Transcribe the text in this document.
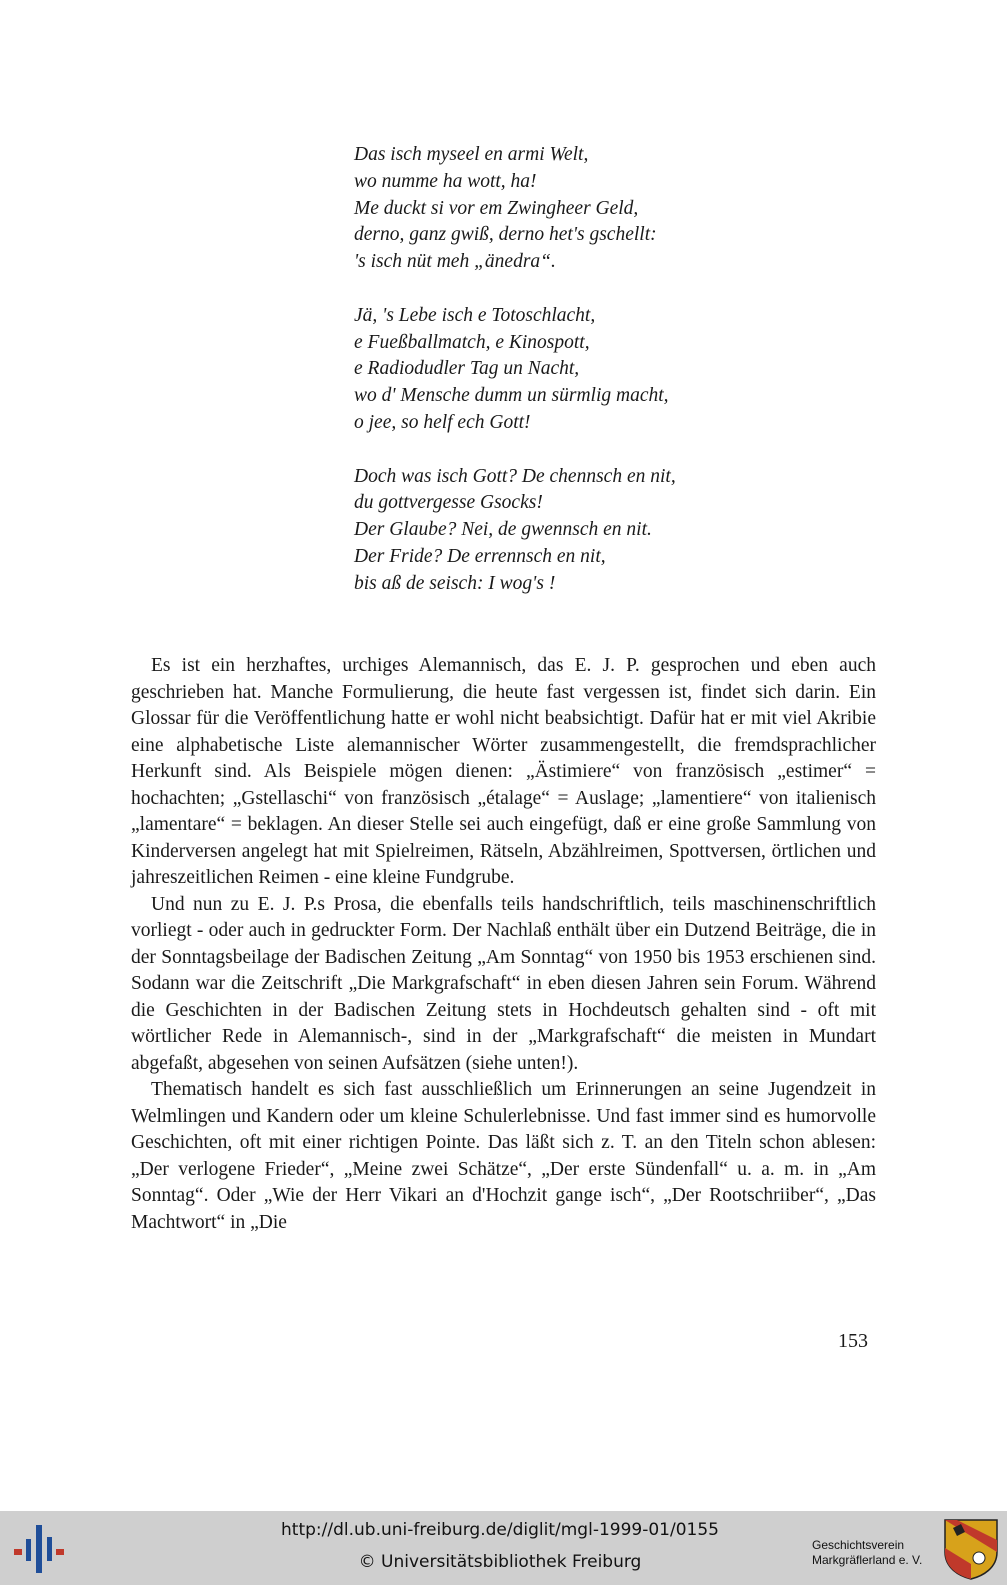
Das isch myseel en armi Welt,
wo numme ha wott, ha!
Me duckt si vor em Zwingheer Geld,
derno, ganz gwiß, derno het's gschellt:
's isch nüt meh „änedra“.
Jä, 's Lebe isch e Totoschlacht,
e Fueßballmatch, e Kinospott,
e Radiodudler Tag un Nacht,
wo d' Mensche dumm un sürmlig macht,
o jee, so helf ech Gott!
Doch was isch Gott? De chennsch en nit,
du gottvergesse Gsocks!
Der Glaube? Nei, de gwennsch en nit.
Der Fride? De errennsch en nit,
bis aß de seisch: I wog's !

Es ist ein herzhaftes, urchiges Alemannisch, das E. J. P. gesprochen und eben auch geschrieben hat. Manche Formulierung, die heute fast vergessen ist, findet sich darin. Ein Glossar für die Veröffentlichung hatte er wohl nicht beabsichtigt. Dafür hat er mit viel Akribie eine alphabetische Liste alemannischer Wörter zusammengestellt, die fremdsprachlicher Herkunft sind. Als Beispiele mögen dienen: „Ästimiere“ von französisch „estimer“ = hochachten; „Gstellaschi“ von französisch „étalage“ = Auslage; „lamentiere“ von italienisch „lamentare“ = beklagen. An dieser Stelle sei auch eingefügt, daß er eine große Sammlung von Kinderversen angelegt hat mit Spielreimen, Rätseln, Abzählreimen, Spottversen, örtlichen und jahreszeitlichen Reimen - eine kleine Fundgrube.

Und nun zu E. J. P.s Prosa, die ebenfalls teils handschriftlich, teils maschinenschriftlich vorliegt - oder auch in gedruckter Form. Der Nachlaß enthält über ein Dutzend Beiträge, die in der Sonntagsbeilage der Badischen Zeitung „Am Sonntag“ von 1950 bis 1953 erschienen sind. Sodann war die Zeitschrift „Die Markgrafschaft“ in eben diesen Jahren sein Forum. Während die Geschichten in der Badischen Zeitung stets in Hochdeutsch gehalten sind - oft mit wörtlicher Rede in Alemannisch-, sind in der „Markgrafschaft“ die meisten in Mundart abgefaßt, abgesehen von seinen Aufsätzen (siehe unten!).

Thematisch handelt es sich fast ausschließlich um Erinnerungen an seine Jugendzeit in Welmlingen und Kandern oder um kleine Schulerlebnisse. Und fast immer sind es humorvolle Geschichten, oft mit einer richtigen Pointe. Das läßt sich z. T. an den Titeln schon ablesen: „Der verlogene Frieder“, „Meine zwei Schätze“, „Der erste Sündenfall“ u. a. m. in „Am Sonntag“. Oder „Wie der Herr Vikari an d'Hochzit gange isch“, „Der Rootschriiber“, „Das Machtwort“ in „Die

153
http://dl.ub.uni-freiburg.de/diglit/mgl-1999-01/0155
© Universitätsbibliothek Freiburg
Geschichtsverein
Markgräflerland e. V.
